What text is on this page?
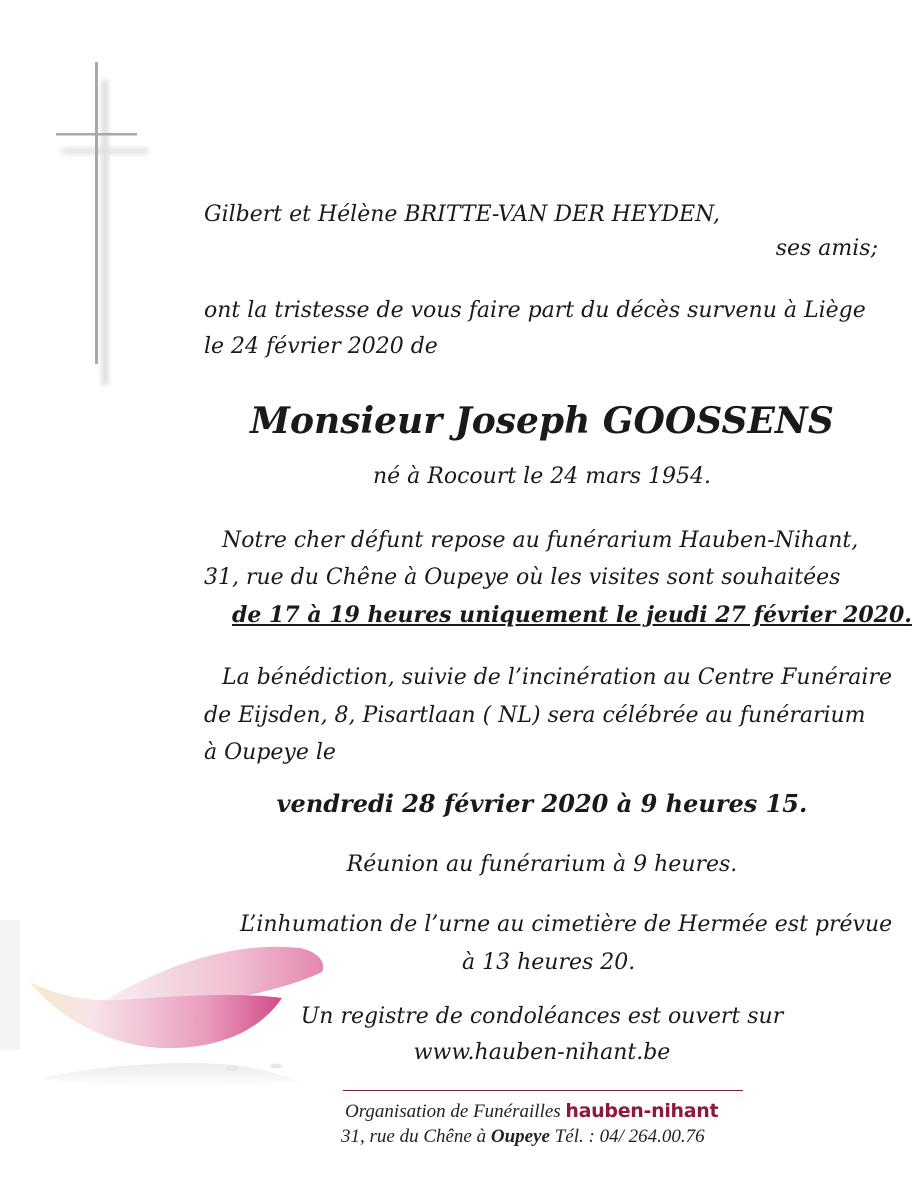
Gilbert et Hélène BRITTE-VAN DER HEYDEN,
ses amis;
ont la tristesse de vous faire part du décès survenu à Liège
le 24 février 2020 de
Monsieur Joseph GOOSSENS
né à Rocourt le 24 mars 1954.
Notre cher défunt repose au funérarium Hauben-Nihant,
31, rue du Chêne à Oupeye où les visites sont souhaitées
de 17 à 19 heures uniquement le jeudi 27 février 2020.
La bénédiction, suivie de l’incinération au Centre Funéraire
de Eijsden, 8, Pisartlaan ( NL) sera célébrée au funérarium
à Oupeye le
vendredi 28 février 2020 à 9 heures 15.
Réunion au funérarium à 9 heures.
L’inhumation de l’urne au cimetière de Hermée est prévue
à 13 heures 20.
Un registre de condoléances est ouvert sur
www.hauben-nihant.be
Organisation de Funérailles hauben-nihant
31, rue du Chêne à Oupeye Tél. : 04/ 264.00.76
